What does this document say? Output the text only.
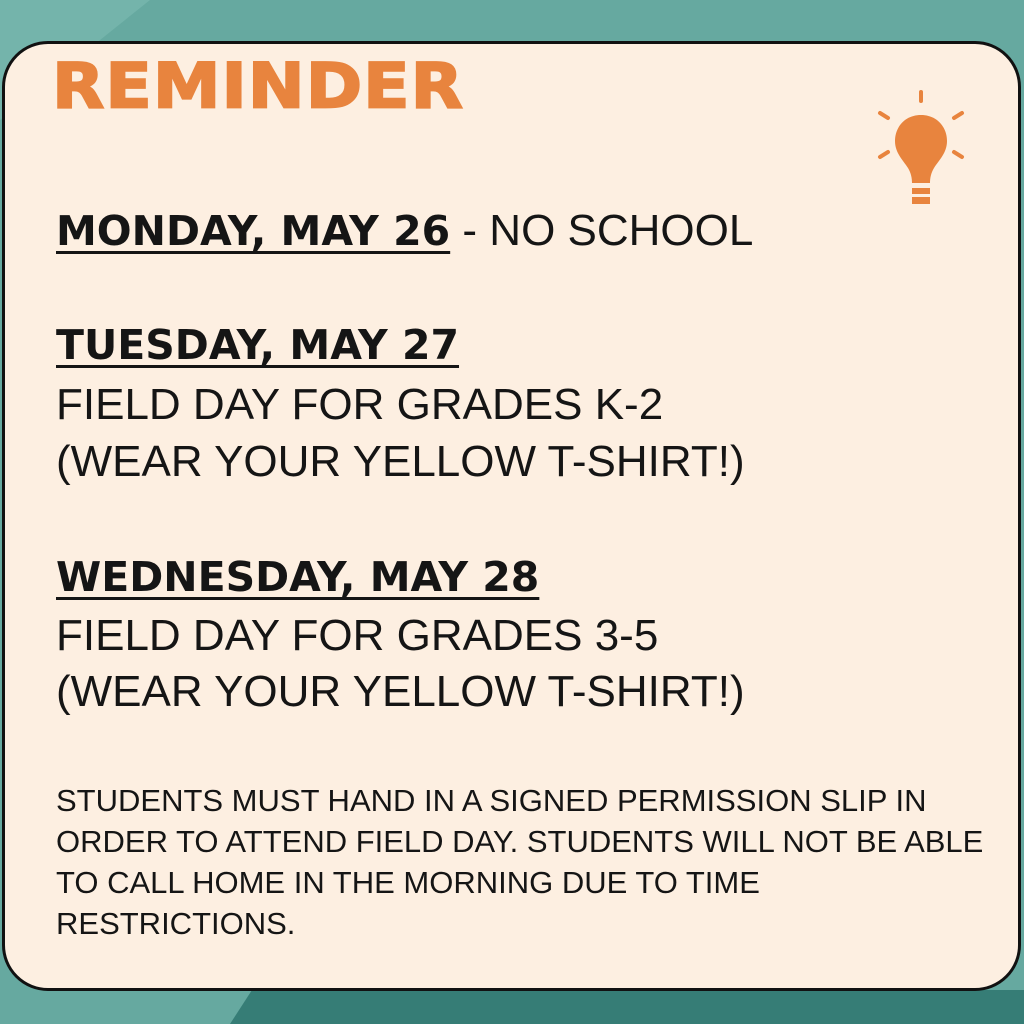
REMINDER

MONDAY, MAY 26 - NO SCHOOL

TUESDAY, MAY 27

FIELD DAY FOR GRADES K-2

(WEAR YOUR YELLOW T-SHIRT!)

WEDNESDAY, MAY 28

FIELD DAY FOR GRADES 3-5

(WEAR YOUR YELLOW T-SHIRT!)

STUDENTS MUST HAND IN A SIGNED PERMISSION SLIP IN ORDER TO ATTEND FIELD DAY. STUDENTS WILL NOT BE ABLE TO CALL HOME IN THE MORNING DUE TO TIME RESTRICTIONS.
